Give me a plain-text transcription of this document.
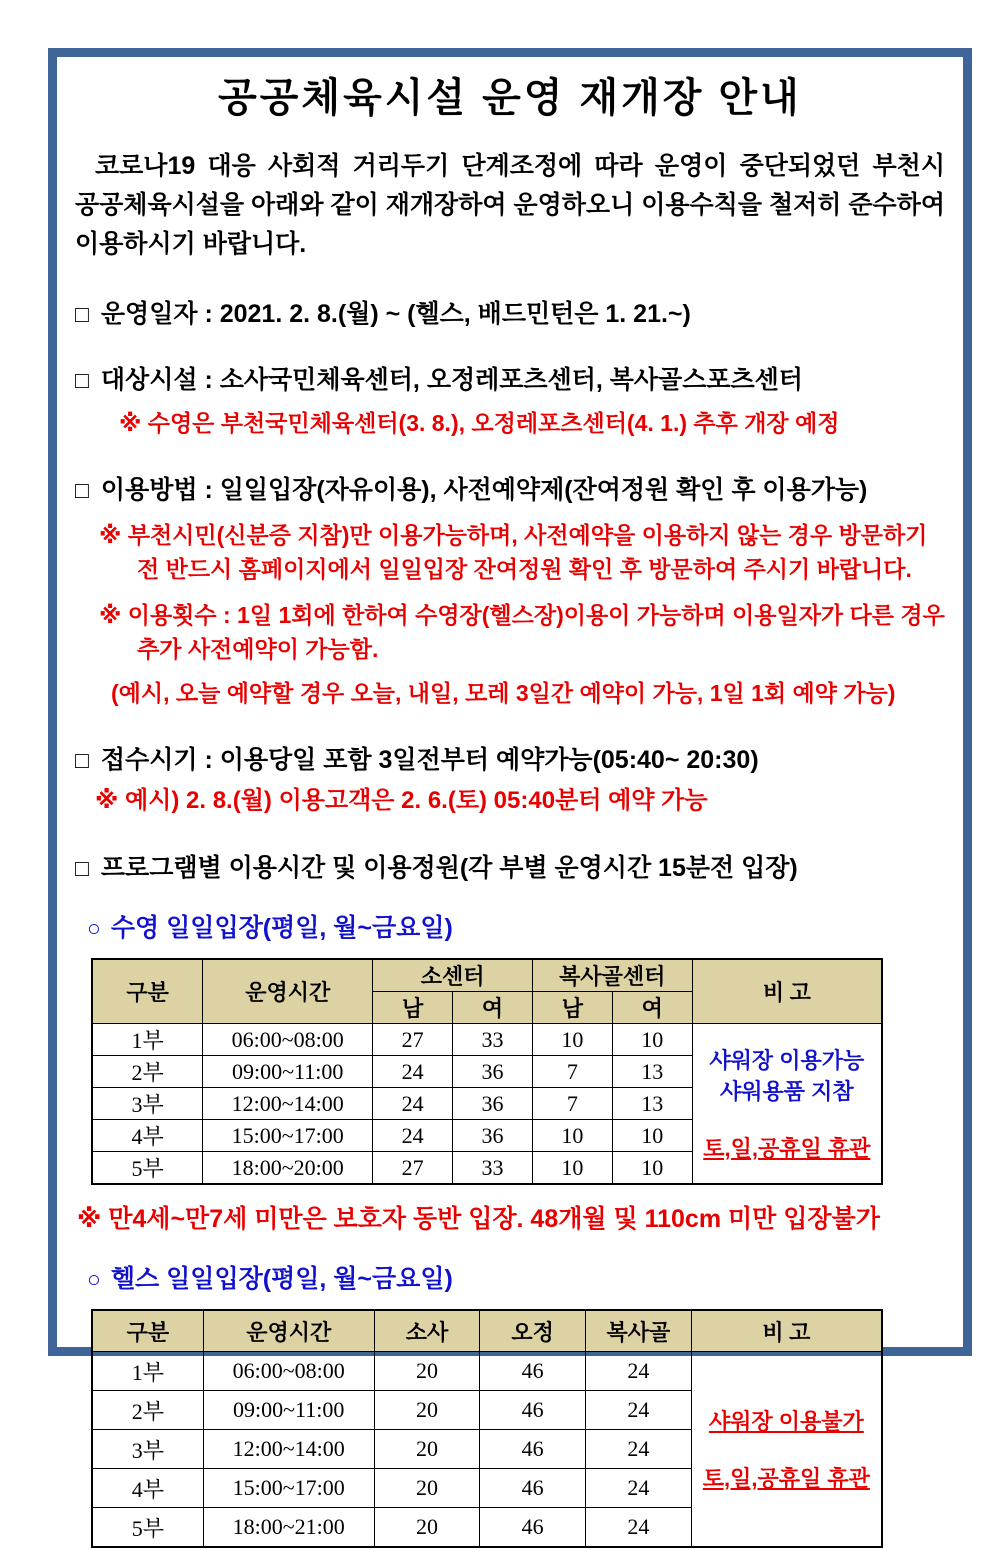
공공체육시설 운영 재개장 안내

코로나19 대응 사회적 거리두기 단계조정에 따라 운영이 중단되었던 부천시 공공체육시설을 아래와 같이 재개장하여 운영하오니 이용수칙을 철저히 준수하여 이용하시기 바랍니다.

□ 운영일자 : 2021. 2. 8.(월) ~ (헬스, 배드민턴은 1. 21.~)
□ 대상시설 : 소사국민체육센터, 오정레포츠센터, 복사골스포츠센터
※ 수영은 부천국민체육센터(3. 8.), 오정레포츠센터(4. 1.) 추후 개장 예정
□ 이용방법 : 일일입장(자유이용), 사전예약제(잔여정원 확인 후 이용가능)
※ 부천시민(신분증 지참)만 이용가능하며, 사전예약을 이용하지 않는 경우 방문하기 전 반드시 홈페이지에서 일일입장 잔여정원 확인 후 방문하여 주시기 바랍니다.
※ 이용횟수 : 1일 1회에 한하여 수영장(헬스장)이용이 가능하며 이용일자가 다른 경우 추가 사전예약이 가능함.
(예시, 오늘 예약할 경우 오늘, 내일, 모레 3일간 예약이 가능, 1일 1회 예약 가능)
□ 접수시기 : 이용당일 포함 3일전부터 예약가능(05:40~ 20:30)
※ 예시) 2. 8.(월) 이용고객은 2. 6.(토) 05:40분터 예약 가능
□ 프로그램별 이용시간 및 이용정원(각 부별 운영시간 15분전 입장)
○ 수영 일일입장(평일, 월~금요일)
구분	운영시간	소센터		복사골센터		비 고
		남	여	남	여	
1부	06:00~08:00	27	33	10	10	샤워장 이용가능
샤워용품 지참
토,일,공휴일 휴관

2부	09:00~11:00	24	36	7	13	
3부	12:00~14:00	24	36	7	13	
4부	15:00~17:00	24	36	10	10	
5부	18:00~20:00	27	33	10	10	
※ 만4세~만7세 미만은 보호자 동반 입장. 48개월 및 110cm 미만 입장불가
○ 헬스 일일입장(평일, 월~금요일)
구분	운영시간	소사	오정	복사골	비 고
1부	06:00~08:00	20	46	24	샤워장 이용불가
토,일,공휴일 휴관

2부	09:00~11:00	20	46	24	
3부	12:00~14:00	20	46	24	
4부	15:00~17:00	20	46	24	
5부	18:00~21:00	20	46	24	
